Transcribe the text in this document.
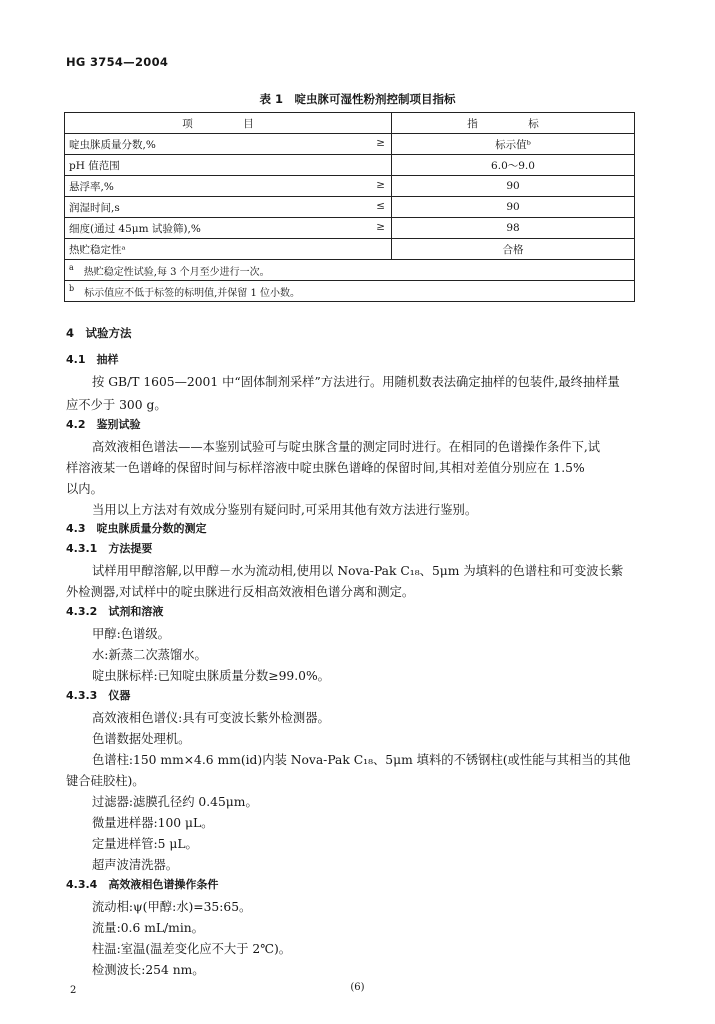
HG 3754—2004
表 1　啶虫脒可湿性粉剂控制项目指标
项　目	指　标
啶虫脒质量分数,% ≥	标示值ᵇ
pH 值范围	6.0～9.0
悬浮率,% ≥	90
润湿时间,s ≤	90
细度(通过 45μm 试验筛),% ≥	98
热贮稳定性ᵃ	合格
$^a$ 热贮稳定性试验,每 3 个月至少进行一次。	
$^b$ 标示值应不低于标签的标明值,并保留 1 位小数。	
4　试验方法
4.1　抽样
按 GB/T 1605—2001 中“固体制剂采样”方法进行。用随机数表法确定抽样的包装件,最终抽样量
应不少于 300 g。
4.2　鉴别试验
高效液相色谱法——本鉴别试验可与啶虫脒含量的测定同时进行。在相同的色谱操作条件下,试
样溶液某一色谱峰的保留时间与标样溶液中啶虫脒色谱峰的保留时间,其相对差值分别应在 1.5%
以内。
当用以上方法对有效成分鉴别有疑问时,可采用其他有效方法进行鉴别。
4.3　啶虫脒质量分数的测定
4.3.1　方法提要
试样用甲醇溶解,以甲醇－水为流动相,使用以 Nova-Pak C₁₈、5μm 为填料的色谱柱和可变波长紫
外检测器,对试样中的啶虫脒进行反相高效液相色谱分离和测定。
4.3.2　试剂和溶液
甲醇:色谱级。
水:新蒸二次蒸馏水。
啶虫脒标样:已知啶虫脒质量分数≥99.0%。
4.3.3　仪器
高效液相色谱仪:具有可变波长紫外检测器。
色谱数据处理机。
色谱柱:150 mm×4.6 mm(id)内装 Nova-Pak C₁₈、5μm 填料的不锈钢柱(或性能与其相当的其他
键合硅胶柱)。
过滤器:滤膜孔径约 0.45μm。
微量进样器:100 μL。
定量进样管:5 μL。
超声波清洗器。
4.3.4　高效液相色谱操作条件
流动相:ψ(甲醇:水)=35:65。
流量:0.6 mL/min。
柱温:室温(温差变化应不大于 2℃)。
检测波长:254 nm。
2	(6)
